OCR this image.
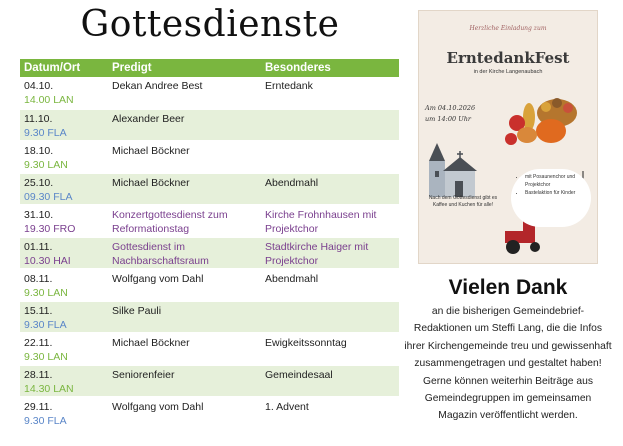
Gottesdienste
Datum/Ort	Predigt	Besonderes
04.10.
14.00 LAN	Dekan Andree Best	Erntedank
11.10.
9.30 FLA	Alexander Beer	
18.10.
9.30 LAN	Michael Böckner	
25.10.
09.30 FLA	Michael Böckner	Abendmahl
31.10.
19.30 FRO	Konzertgottesdienst zum Reformationstag	Kirche Frohnhausen mit Projektchor
01.11.
10.30 HAI	Gottesdienst im Nachbarschaftsraum	Stadtkirche Haiger mit Projektchor
08.11.
9.30 LAN	Wolfgang vom Dahl	Abendmahl
15.11.
9.30 FLA	Silke Pauli	
22.11.
9.30 LAN	Michael Böckner	Ewigkeitssonntag
28.11.
14.30 LAN	Seniorenfeier	Gemeindesaal
29.11.
9.30 FLA	Wolfgang vom Dahl	1. Advent
Herzliche Einladung zum
ErntedankFest
in der Kirche Langenaubach
Am 04.10.2026
um 14:00 Uhr
Nach dem Gottesdienst gibt es Kaffee und Kuchen für alle!
• mit Posaunenchor und Projektchor
• Bastelaktion für Kinder
Vielen Dank
an die bisherigen Gemeindebrief-Redaktionen um Steffi Lang, die die Infos ihrer Kirchengemeinde treu und gewissenhaft zusammengetragen und gestaltet haben! Gerne können weiterhin Beiträge aus Gemeindegruppen im gemeinsamen Magazin veröffentlicht werden.
